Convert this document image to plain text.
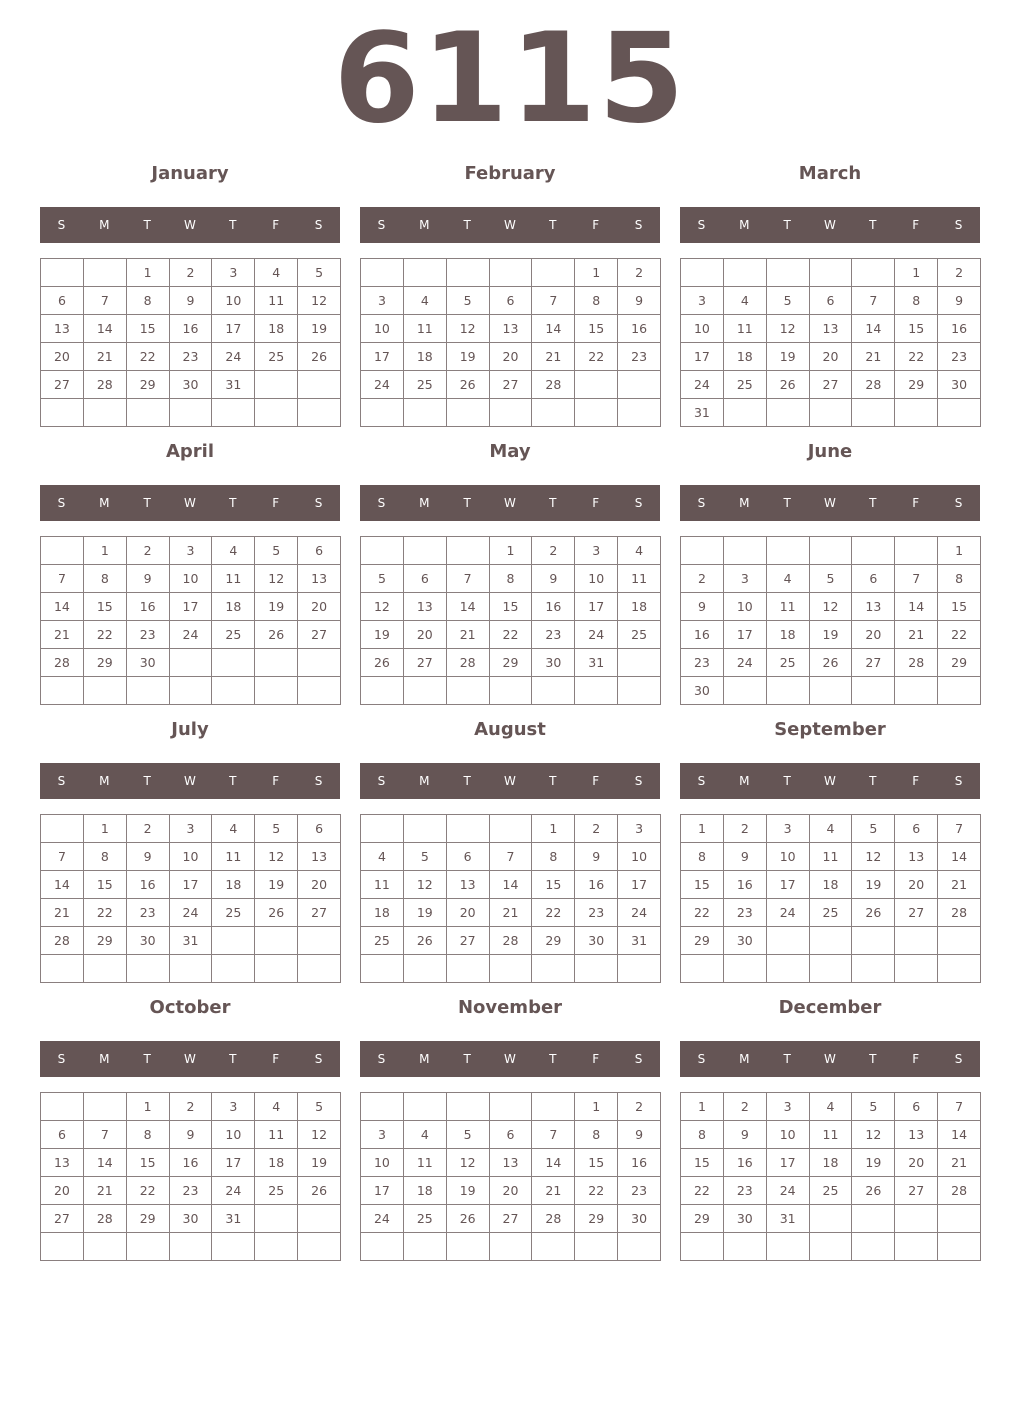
6115
January
S	M	T	W	T	F	S
		1	2	3	4	5
6	7	8	9	10	11	12
13	14	15	16	17	18	19
20	21	22	23	24	25	26
27	28	29	30	31		

February
S	M	T	W	T	F	S
					1	2
3	4	5	6	7	8	9
10	11	12	13	14	15	16
17	18	19	20	21	22	23
24	25	26	27	28		

March
S	M	T	W	T	F	S
					1	2
3	4	5	6	7	8	9
10	11	12	13	14	15	16
17	18	19	20	21	22	23
24	25	26	27	28	29	30
31						
April
S	M	T	W	T	F	S
	1	2	3	4	5	6
7	8	9	10	11	12	13
14	15	16	17	18	19	20
21	22	23	24	25	26	27
28	29	30				

May
S	M	T	W	T	F	S
			1	2	3	4
5	6	7	8	9	10	11
12	13	14	15	16	17	18
19	20	21	22	23	24	25
26	27	28	29	30	31	

June
S	M	T	W	T	F	S
						1
2	3	4	5	6	7	8
9	10	11	12	13	14	15
16	17	18	19	20	21	22
23	24	25	26	27	28	29
30						
July
S	M	T	W	T	F	S
	1	2	3	4	5	6
7	8	9	10	11	12	13
14	15	16	17	18	19	20
21	22	23	24	25	26	27
28	29	30	31			

August
S	M	T	W	T	F	S
				1	2	3
4	5	6	7	8	9	10
11	12	13	14	15	16	17
18	19	20	21	22	23	24
25	26	27	28	29	30	31

September
S	M	T	W	T	F	S
1	2	3	4	5	6	7
8	9	10	11	12	13	14
15	16	17	18	19	20	21
22	23	24	25	26	27	28
29	30					

October
S	M	T	W	T	F	S
		1	2	3	4	5
6	7	8	9	10	11	12
13	14	15	16	17	18	19
20	21	22	23	24	25	26
27	28	29	30	31		

November
S	M	T	W	T	F	S
					1	2
3	4	5	6	7	8	9
10	11	12	13	14	15	16
17	18	19	20	21	22	23
24	25	26	27	28	29	30

December
S	M	T	W	T	F	S
1	2	3	4	5	6	7
8	9	10	11	12	13	14
15	16	17	18	19	20	21
22	23	24	25	26	27	28
29	30	31				
